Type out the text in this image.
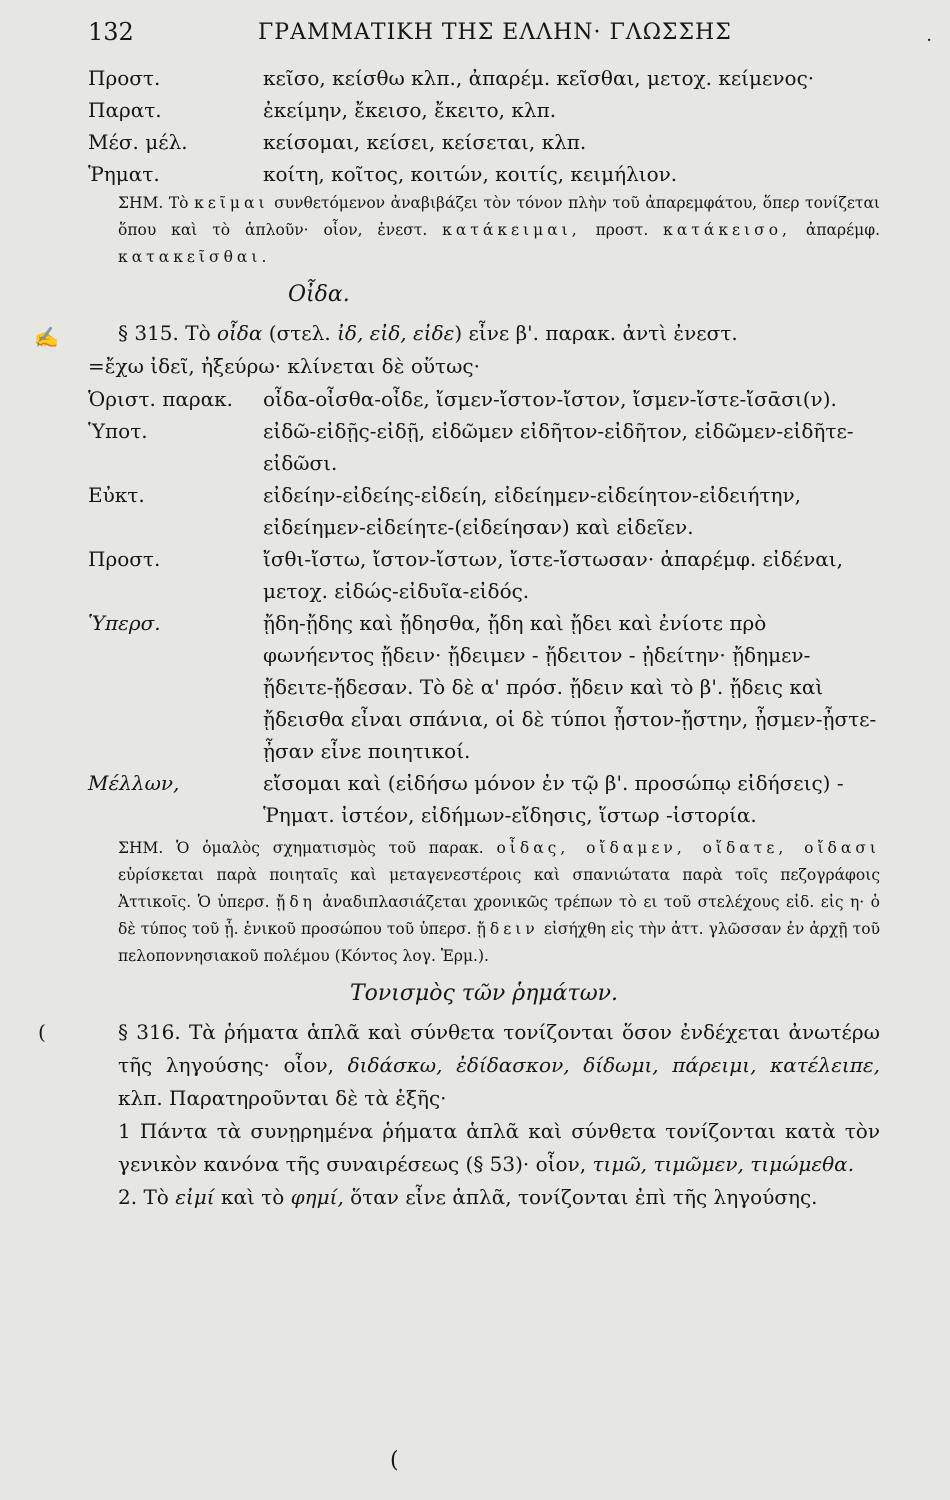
132	ΓΡΑΜΜΑΤΙΚΗ ΤΗΣ ΕΛΛΗΝ· ΓΛΩΣΣΗΣ	·
Προστ.	κεῖσο, κείσθω κλπ., ἀπαρέμ. κεῖσθαι, μετοχ. κείμενος·
Παρατ.	ἐκείμην, ἔκεισο, ἔκειτο, κλπ.
Μέσ. μέλ.	κείσομαι, κείσει, κείσεται, κλπ.
Ῥηματ.	κοίτη, κοῖτος, κοιτών, κοιτίς, κειμήλιον.
ΣΗΜ. Τὸ κεῖμαι συνθετόμενον ἀναβιβάζει τὸν τόνον πλὴν τοῦ ἀπαρεμφάτου, ὅπερ τονίζεται ὅπου καὶ τὸ ἁπλοῦν· οἷον, ἐνεστ. κατάκειμαι, προστ. κατάκεισο, ἀπαρέμφ. κατακεῖσθαι.
Οἶδα.
✍	§ 315. Τὸ οἶδα (στελ. ἰδ, εἰδ, εἰδε) εἶνε β'. παρακ. ἀντὶ ἐνεστ.
=ἔχω ἰδεῖ, ἠξεύρω· κλίνεται δὲ οὕτως·
Ὁριστ. παρακ.	οἶδα-οἶσθα-οἶδε, ἴσμεν-ἴστον-ἴστον, ἴσμεν-ἴστε-ἴσᾱσι(ν).
Ὑποτ.	εἰδῶ-εἰδῇς-εἰδῇ, εἰδῶμεν εἰδῆτον-εἰδῆτον, εἰδῶμεν-εἰδῆτε-εἰδῶσι.
Εὐκτ.	εἰδείην-εἰδείης-εἰδείη, εἰδείημεν-εἰδείητον-εἰδειήτην, εἰδείημεν-εἰδείητε-(εἰδείησαν) καὶ εἰδεῖεν.
Προστ.	ἴσθι-ἴστω, ἴστον-ἴστων, ἴστε-ἴστωσαν· ἀπαρέμφ. εἰδέναι, μετοχ. εἰδώς-εἰδυῖα-εἰδός.
Ὑπερσ.	ᾔδη-ᾔδης καὶ ᾔδησθα, ᾔδη καὶ ᾔδει καὶ ἐνίοτε πρὸ φωνήεντος ᾔδειν· ᾔδειμεν - ᾔδειτον - ᾐδείτην· ᾔδημεν-ᾔδειτε-ᾔδεσαν. Τὸ δὲ α' πρόσ. ᾔδειν καὶ τὸ β'. ᾔδεις καὶ ᾔδεισθα εἶναι σπάνια, οἱ δὲ τύποι ᾖστον-ᾔστην, ᾖσμεν-ᾖστε-ᾖσαν εἶνε ποιητικοί.
Μέλλων,	εἴσομαι καὶ (εἰδήσω μόνον ἐν τῷ β'. προσώπῳ εἰδήσεις) - Ῥηματ. ἰστέον, εἰδήμων-εἴδησις, ἵστωρ -ἱστορία.
ΣΗΜ. Ὁ ὁμαλὸς σχηματισμὸς τοῦ παρακ. οἶδας, οἴδαμεν, οἴδατε, οἴδασι εὑρίσκεται παρὰ ποιηταῖς καὶ μεταγενεστέροις καὶ σπανιώτατα παρὰ τοῖς πεζογράφοις Ἀττικοῖς. Ὁ ὑπερσ. ᾔδη ἀναδιπλασιάζεται χρονικῶς τρέπων τὸ ει τοῦ στελέχους εἰδ. εἰς η· ὁ δὲ τύπος τοῦ ᾖ. ἑνικοῦ προσώπου τοῦ ὑπερσ. ᾔδειν εἰσήχθη εἰς τὴν ἀττ. γλῶσσαν ἐν ἀρχῇ τοῦ πελοποννησιακοῦ πολέμου (Κόντος λογ. Ἑρμ.).
Τονισμὸς τῶν ῥημάτων.
(	§ 316. Τὰ ῥήματα ἁπλᾶ καὶ σύνθετα τονίζονται ὅσον ἐνδέχεται ἀνωτέρω τῆς ληγούσης· οἷον, διδάσκω, ἐδίδασκον, δίδωμι, πάρειμι, κατέλειπε, κλπ. Παρατηροῦνται δὲ τὰ ἑξῆς·
1 Πάντα τὰ συνῃρημένα ῥήματα ἁπλᾶ καὶ σύνθετα τονίζονται κατὰ τὸν γενικὸν κανόνα τῆς συναιρέσεως (§ 53)· οἷον, τιμῶ, τιμῶμεν, τιμώμεθα.
2. Τὸ εἰμί καὶ τὸ φημί, ὅταν εἶνε ἁπλᾶ, τονίζονται ἐπὶ τῆς ληγούσης.
(
